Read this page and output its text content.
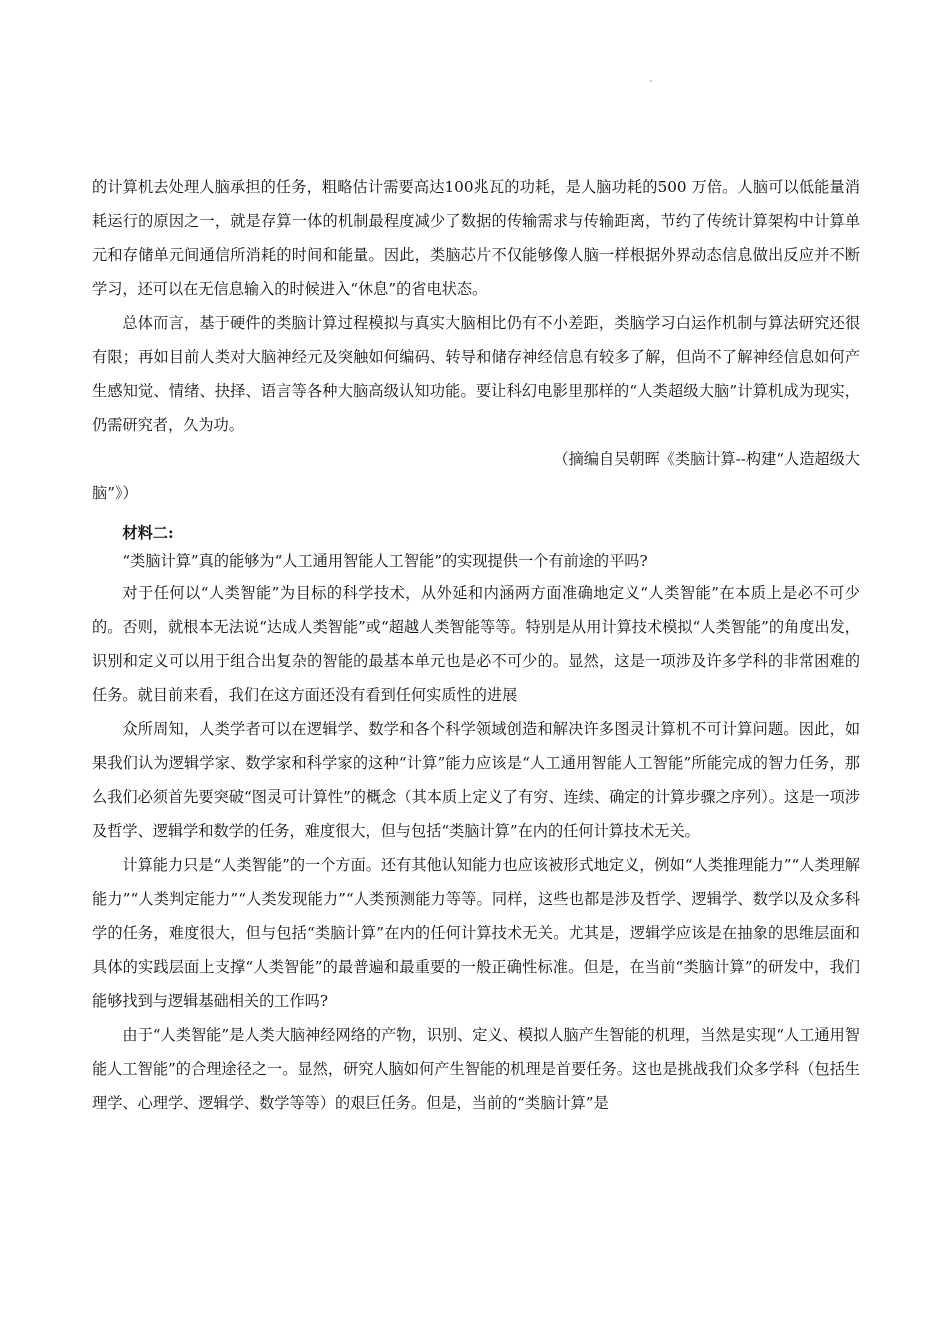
的计算机去处理人脑承担的任务，粗略估计需要高达100兆瓦的功耗，是人脑功耗的500 万倍。人脑可以低能量消耗运行的原因之一，就是存算一体的机制最程度减少了数据的传输需求与传输距离，节约了传统计算架构中计算单元和存储单元间通信所消耗的时间和能量。因此，类脑芯片不仅能够像人脑一样根据外界动态信息做出反应并不断学习，还可以在无信息输入的时候进入“休息”的省电状态。

总体而言，基于硬件的类脑计算过程模拟与真实大脑相比仍有不小差距，类脑学习白运作机制与算法研究还很有限；再如目前人类对大脑神经元及突触如何编码、转导和储存神经信息有较多了解，但尚不了解神经信息如何产生感知觉、情绪、抉择、语言等各种大脑高级认知功能。要让科幻电影里那样的“人类超级大脑”计算机成为现实，仍需研究者，久为功。

（摘编自吴朝晖《类脑计算--构建“人造超级大

脑”》）

材料二:

“类脑计算”真的能够为“人工通用智能人工智能”的实现提供一个有前途的平吗?

对于任何以“人类智能”为目标的科学技术，从外延和内涵两方面准确地定义“人类智能”在本质上是必不可少的。否则，就根本无法说“达成人类智能”或“超越人类智能等等。特别是从用计算技术模拟“人类智能”的角度出发，识别和定义可以用于组合出复杂的智能的最基本单元也是必不可少的。显然，这是一项涉及许多学科的非常困难的任务。就目前来看，我们在这方面还没有看到任何实质性的进展

众所周知，人类学者可以在逻辑学、数学和各个科学领域创造和解决许多图灵计算机不可计算问题。因此，如果我们认为逻辑学家、数学家和科学家的这种“计算”能力应该是“人工通用智能人工智能”所能完成的智力任务，那么我们必须首先要突破“图灵可计算性”的概念（其本质上定义了有穷、连续、确定的计算步骤之序列）。这是一项涉及哲学、逻辑学和数学的任务，难度很大，但与包括“类脑计算”在内的任何计算技术无关。

计算能力只是“人类智能”的一个方面。还有其他认知能力也应该被形式地定义，例如“人类推理能力”“人类理解能力”“人类判定能力”“人类发现能力”“人类预测能力等等。同样，这些也都是涉及哲学、逻辑学、数学以及众多科学的任务，难度很大，但与包括“类脑计算”在内的任何计算技术无关。尤其是，逻辑学应该是在抽象的思维层面和具体的实践层面上支撑“人类智能”的最普遍和最重要的一般正确性标准。但是，在当前“类脑计算”的研发中，我们能够找到与逻辑基础相关的工作吗?

由于“人类智能”是人类大脑神经网络的产物，识别、定义、模拟人脑产生智能的机理，当然是实现“人工通用智能人工智能”的合理途径之一。显然，研究人脑如何产生智能的机理是首要任务。这也是挑战我们众多学科（包括生理学、心理学、逻辑学、数学等等）的艰巨任务。但是，当前的“类脑计算”是
